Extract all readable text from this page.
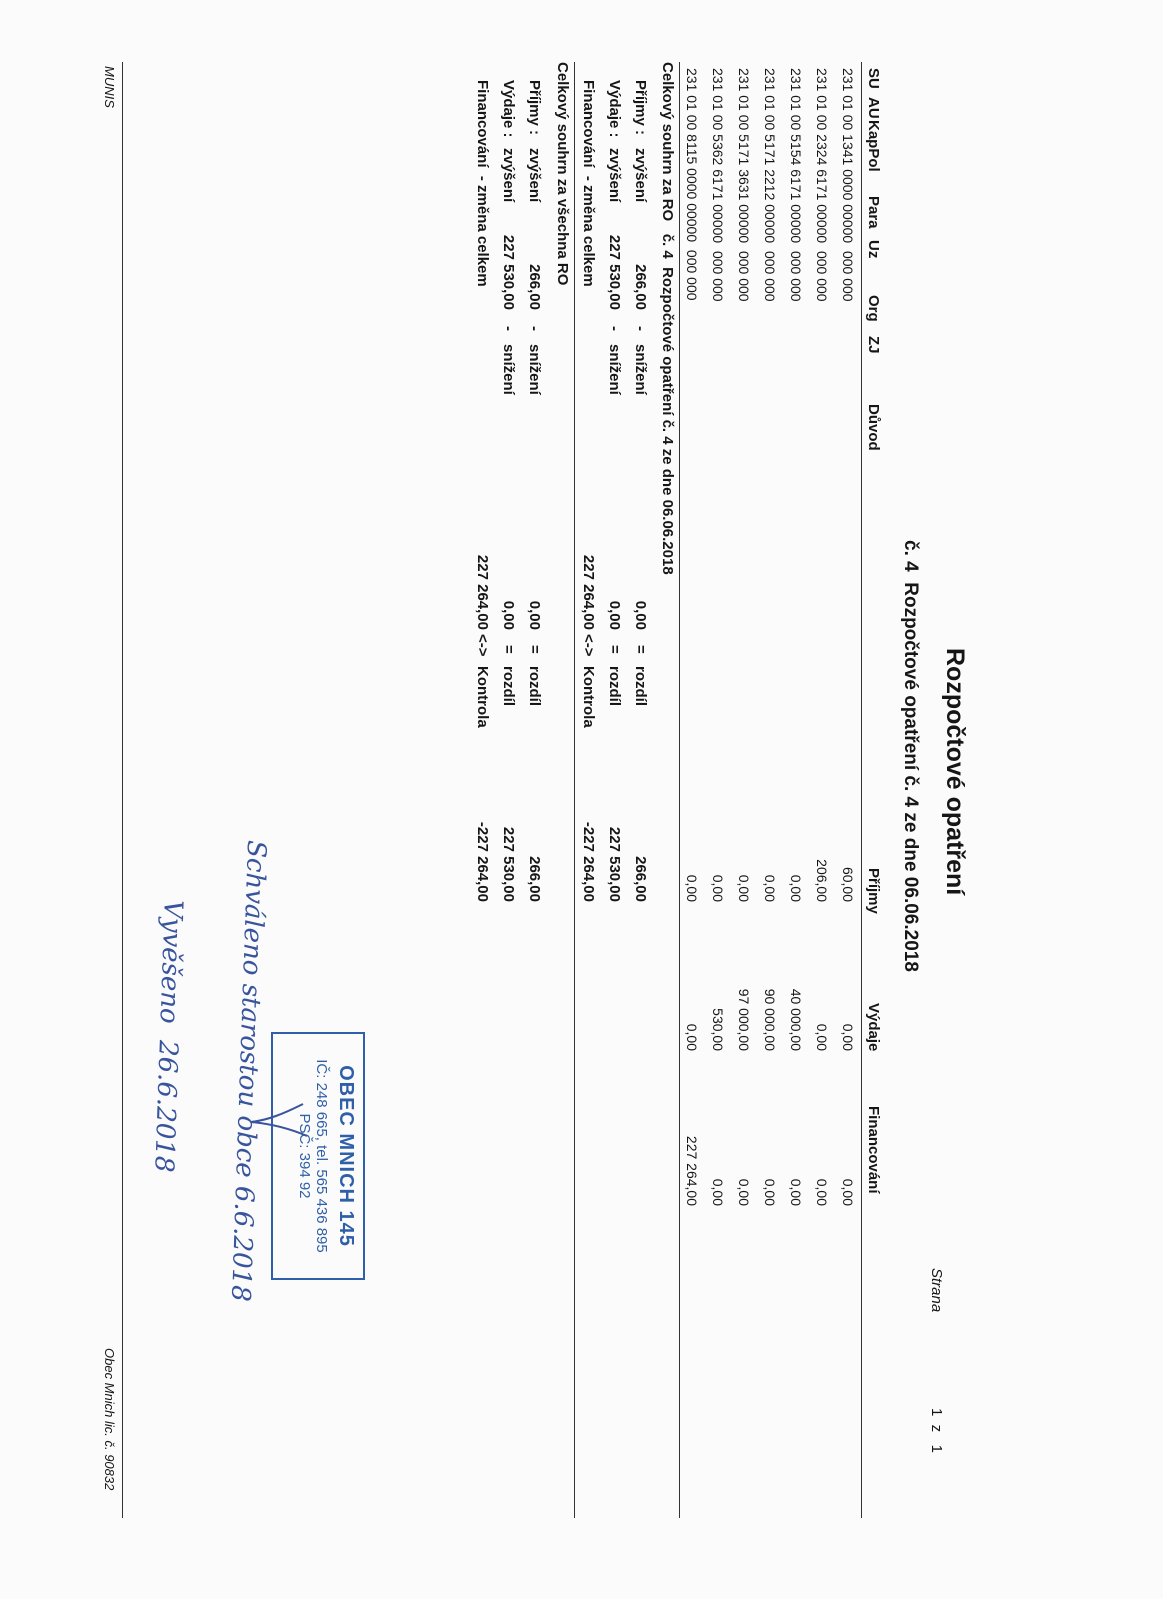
Strana
1  z   1
Rozpočtové opatření
č. 4  Rozpočtové opatření č. 4 ze dne 06.06.2018
SU
AU
KapPol
Para
Uz
Org
ZJ
Důvod
Příjmy
Výdaje
Financování
231 01 00 1341 0000 00000  000 000
60,00
0,00
0,00
231 01 00 2324 6171 00000  000 000
206,00
0,00
0,00
231 01 00 5154 6171 00000  000 000
0,00
40 000,00
0,00
231 01 00 5171 2212 00000  000 000
0,00
90 000,00
0,00
231 01 00 5171 3631 00000  000 000
0,00
97 000,00
0,00
231 01 00 5362 6171 00000  000 000
0,00
530,00
0,00
231 01 00 8115 0000 00000  000 000
0,00
0,00
227 264,00
Celkový souhrn za RO   č. 4  Rozpočtové opatření č. 4 ze dne 06.06.2018
Příjmy :
zvýšení
266,00
-
snížení
0,00
=
rozdíl
266,00
Výdaje :
zvýšení
227 530,00
-
snížení
0,00
=
rozdíl
227 530,00
Financování  - změna celkem
227 264,00
<->
Kontrola
-227 264,00
Celkový souhrn za všechna RO
Příjmy :
zvýšení
266,00
-
snížení
0,00
=
rozdíl
266,00
Výdaje :
zvýšení
227 530,00
-
snížení
0,00
=
rozdíl
227 530,00
Financování  - změna celkem
227 264,00
<->
Kontrola
-227 264,00
Schváleno starostou obce 6.6.2018
Vyvěšeno  26.6.2018	OBEC MNICH 145
IČ: 248 665, tel. 565 436 895
PSČ: 394 92
MUNIS
Obec Mnich lic. č. 90832
